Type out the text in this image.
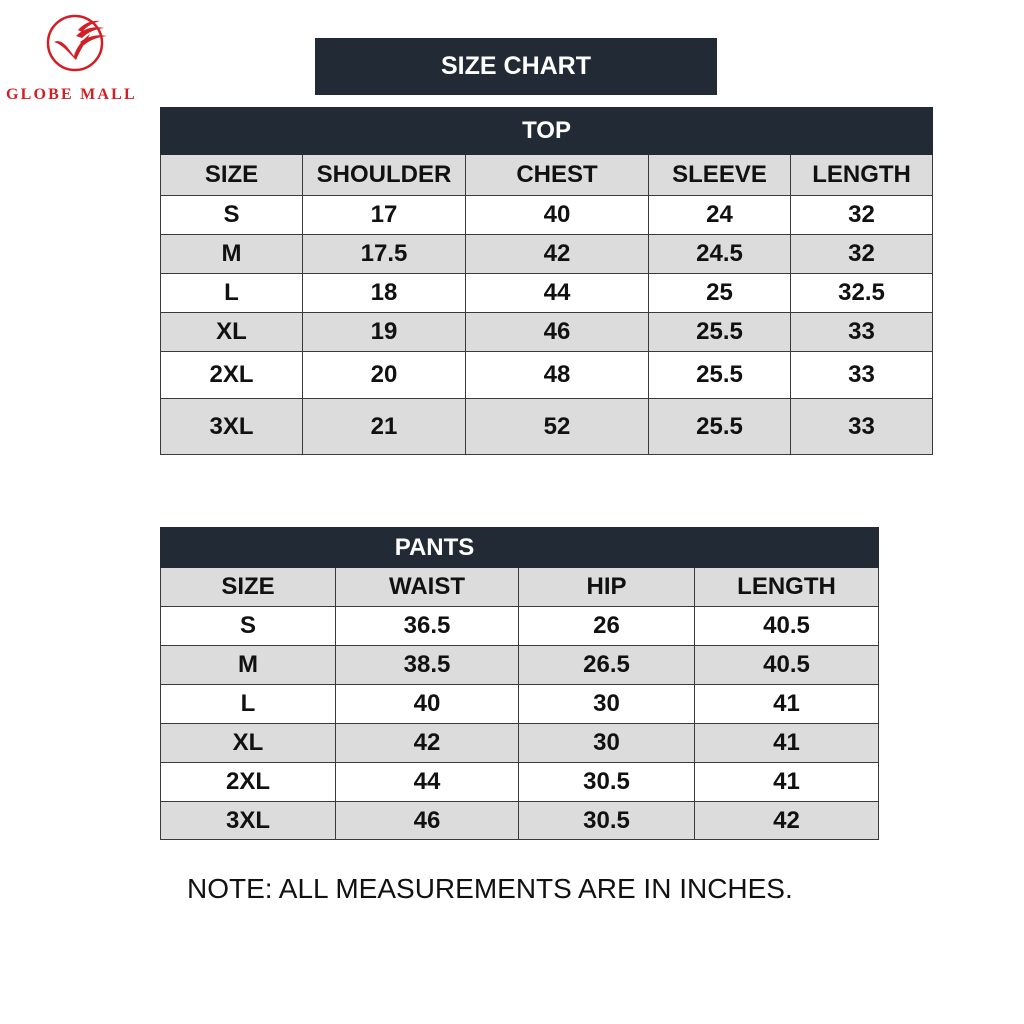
GLOBE MALL
SIZE CHART
TOP				
SIZE	SHOULDER	CHEST	SLEEVE	LENGTH
S	17	40	24	32
M	17.5	42	24.5	32
L	18	44	25	32.5
XL	19	46	25.5	33
2XL	20	48	25.5	33
3XL	21	52	25.5	33
PANTS			
SIZE	WAIST	HIP	LENGTH
S	36.5	26	40.5
M	38.5	26.5	40.5
L	40	30	41
XL	42	30	41
2XL	44	30.5	41
3XL	46	30.5	42
NOTE: ALL MEASUREMENTS ARE IN INCHES.
